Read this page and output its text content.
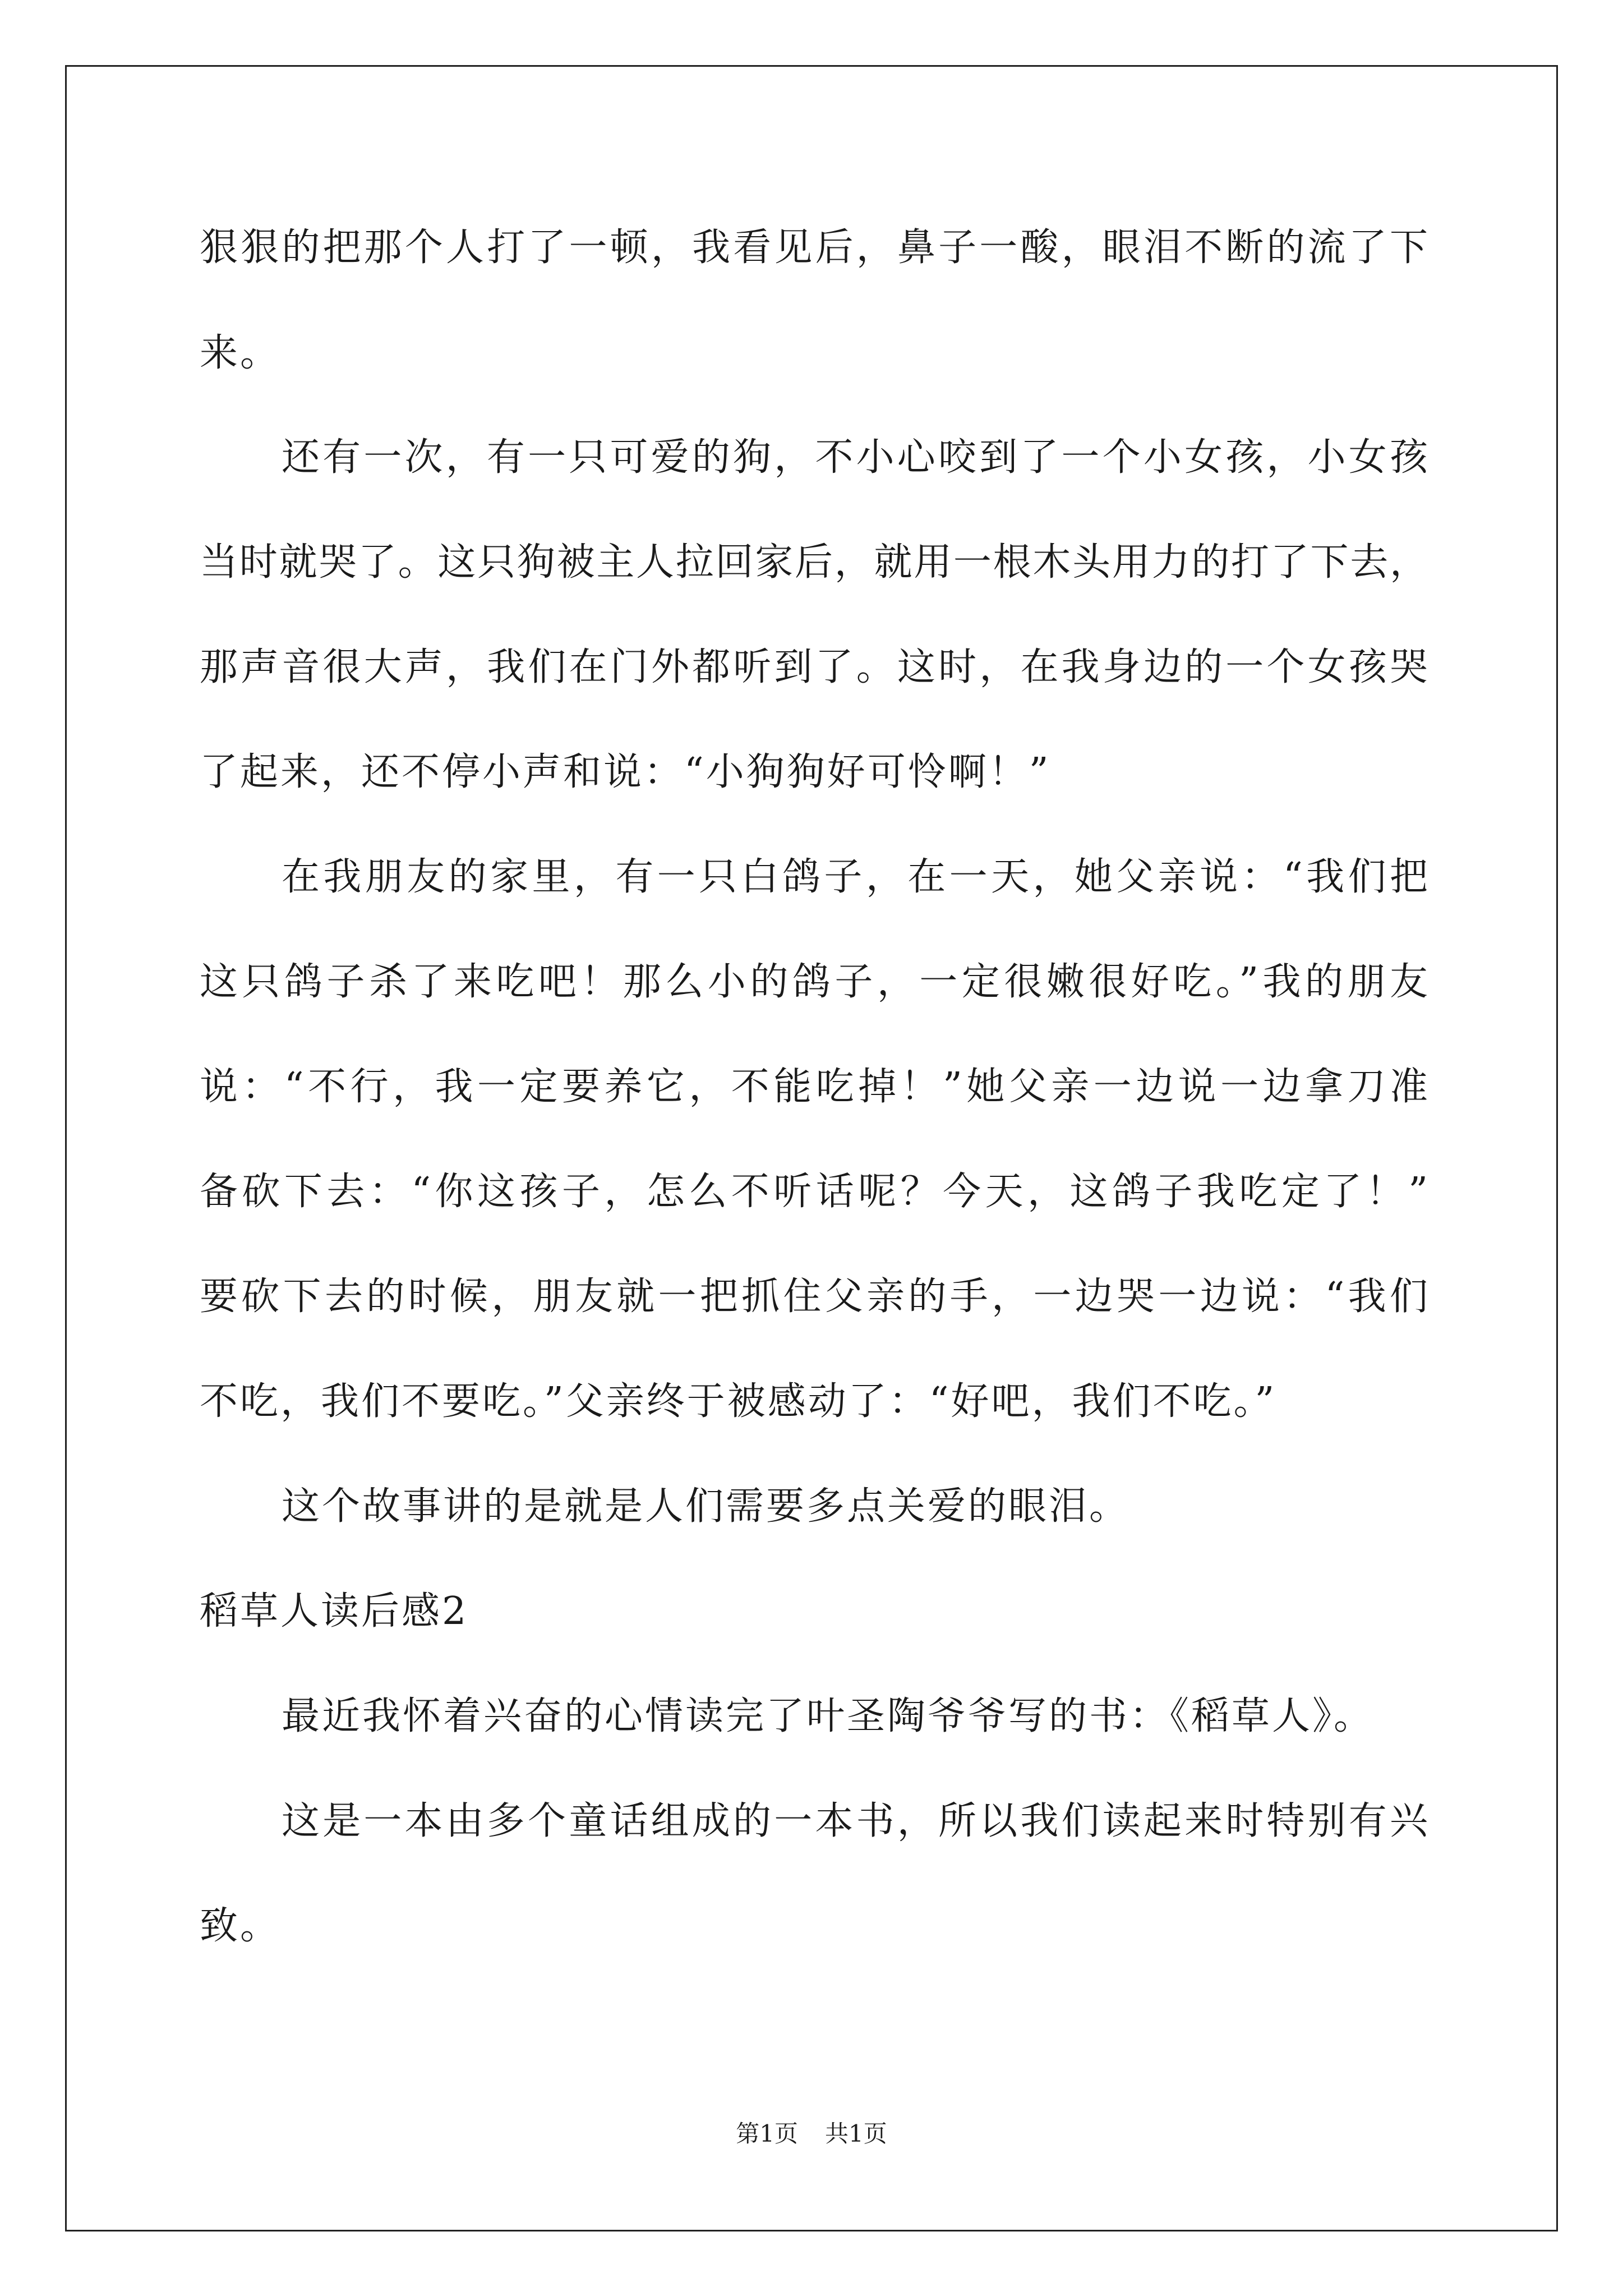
狠狠的把那个人打了一顿，我看见后，鼻子一酸，眼泪不断的流了下
来。
还有一次，有一只可爱的狗，不小心咬到了一个小女孩，小女孩
当时就哭了。这只狗被主人拉回家后，就用一根木头用力的打了下去，
那声音很大声，我们在门外都听到了。这时，在我身边的一个女孩哭
了起来，还不停小声和说：“小狗狗好可怜啊！”
在我朋友的家里，有一只白鸽子，在一天，她父亲说：“我们把
这只鸽子杀了来吃吧！那么小的鸽子，一定很嫩很好吃。”我的朋友
说：“不行，我一定要养它，不能吃掉！”她父亲一边说一边拿刀准
备砍下去：“你这孩子，怎么不听话呢？今天，这鸽子我吃定了！”
要砍下去的时候，朋友就一把抓住父亲的手，一边哭一边说：“我们
不吃，我们不要吃。”父亲终于被感动了：“好吧，我们不吃。”
这个故事讲的是就是人们需要多点关爱的眼泪。
稻草人读后感2
最近我怀着兴奋的心情读完了叶圣陶爷爷写的书：《稻草人》。
这是一本由多个童话组成的一本书，所以我们读起来时特别有兴
致。
第1页 共1页
